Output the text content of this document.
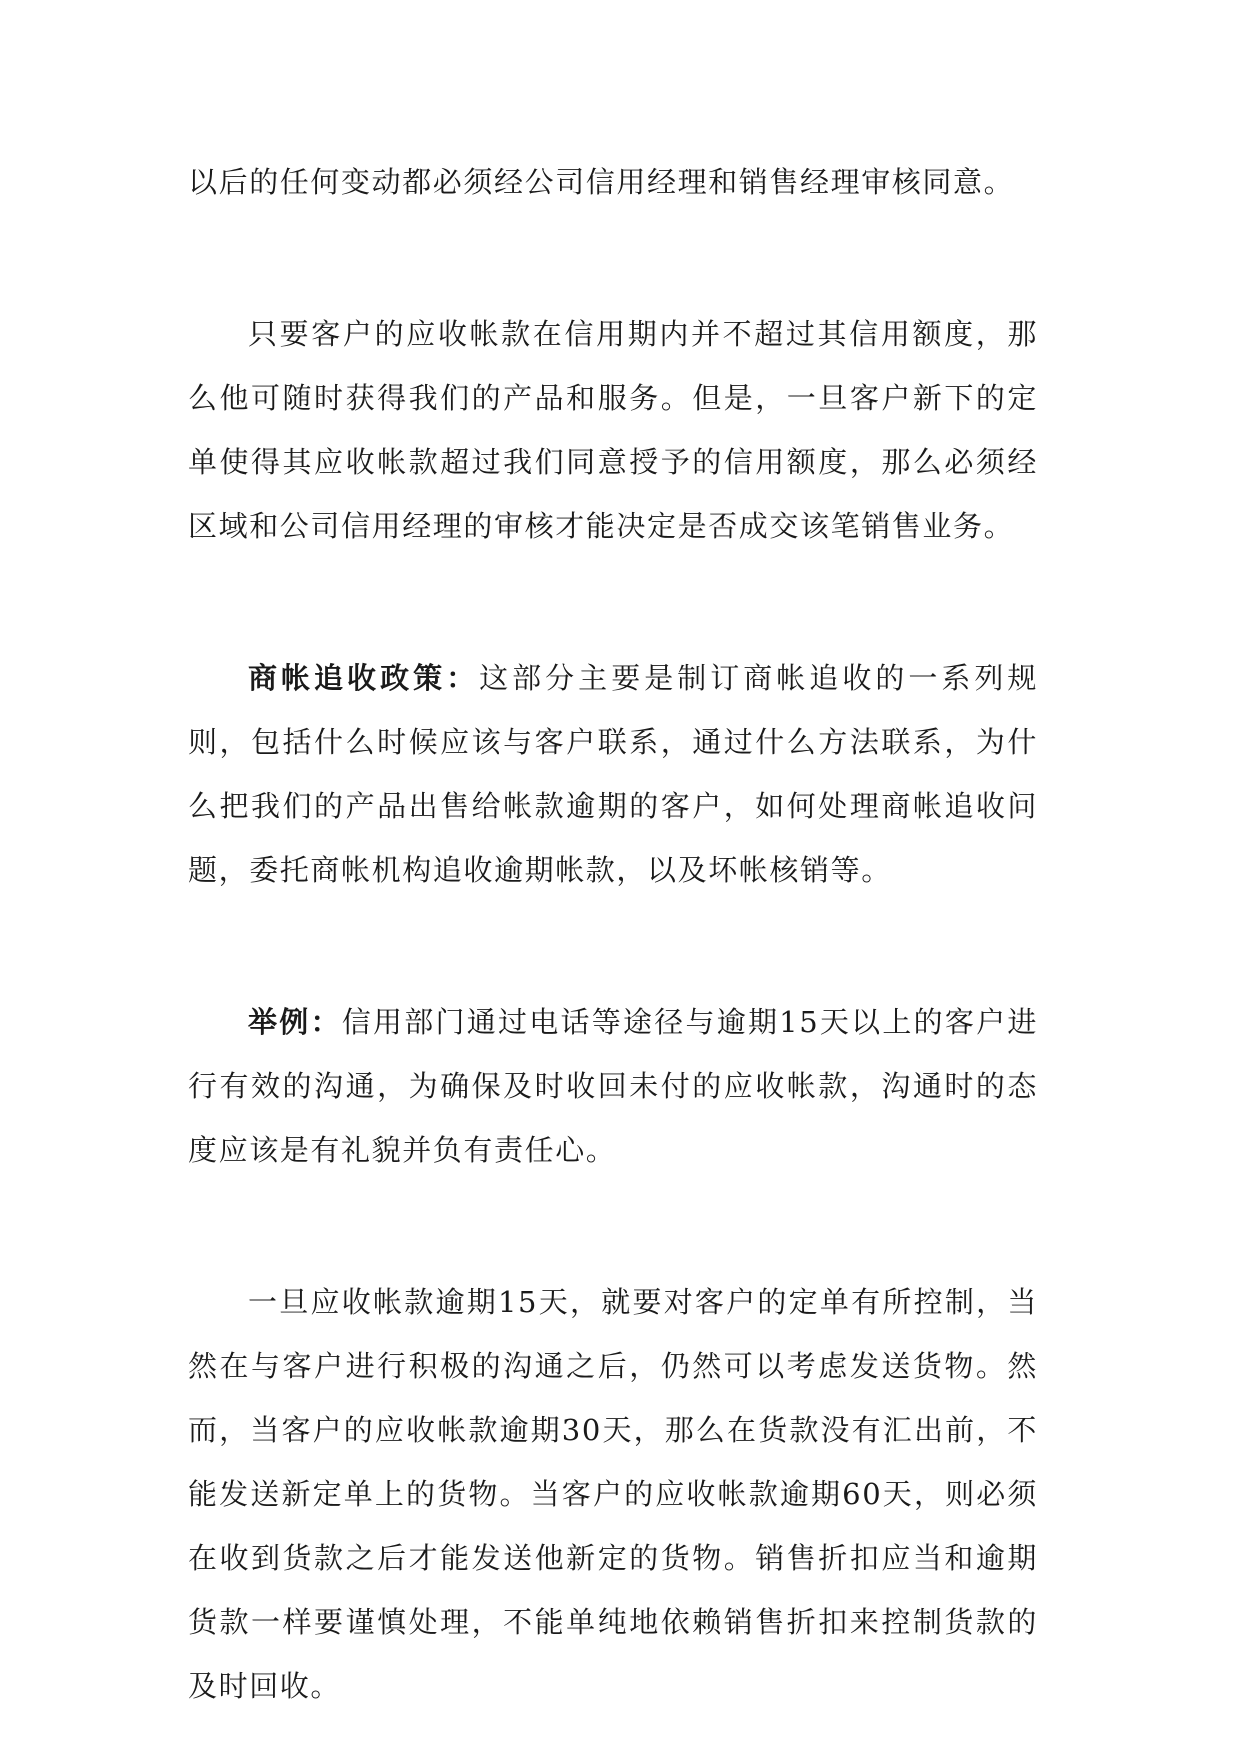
以后的任何变动都必须经公司信用经理和销售经理审核同意。

只要客户的应收帐款在信用期内并不超过其信用额度，那么他可随时获得我们的产品和服务。但是，一旦客户新下的定单使得其应收帐款超过我们同意授予的信用额度，那么必须经区域和公司信用经理的审核才能决定是否成交该笔销售业务。

商帐追收政策：这部分主要是制订商帐追收的一系列规则，包括什么时候应该与客户联系，通过什么方法联系，为什么把我们的产品出售给帐款逾期的客户，如何处理商帐追收问题，委托商帐机构追收逾期帐款，以及坏帐核销等。

举例：信用部门通过电话等途径与逾期15天以上的客户进行有效的沟通，为确保及时收回未付的应收帐款，沟通时的态度应该是有礼貌并负有责任心。

一旦应收帐款逾期15天，就要对客户的定单有所控制，当然在与客户进行积极的沟通之后，仍然可以考虑发送货物。然而，当客户的应收帐款逾期30天，那么在货款没有汇出前，不能发送新定单上的货物。当客户的应收帐款逾期60天，则必须在收到货款之后才能发送他新定的货物。销售折扣应当和逾期货款一样要谨慎处理，不能单纯地依赖销售折扣来控制货款的及时回收。
